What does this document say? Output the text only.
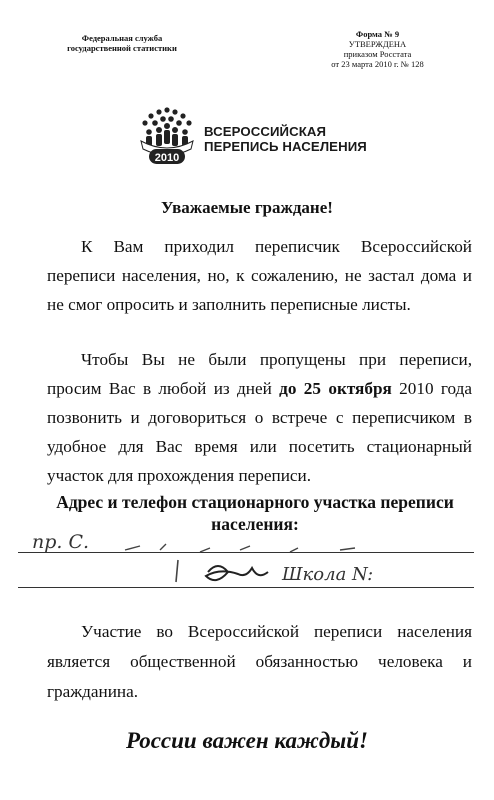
Федеральная служба
государственной статистики
Форма № 9
УТВЕРЖДЕНА
приказом Росстата
от 23 марта 2010 г. № 128
2010
ВСЕРОССИЙСКАЯ
ПЕРЕПИСЬ НАСЕЛЕНИЯ
Уважаемые граждане!
К Вам приходил переписчик Всероссийской переписи населения, но, к сожалению, не застал дома и не смог опросить и заполнить переписные листы.
Чтобы Вы не были пропущены при переписи, просим Вас в любой из дней до 25 октября 2010 года позвонить и договориться о встрече с переписчиком в удобное для Вас время или посетить стационарный участок для прохождения переписи.
Адрес и телефон стационарного участка переписи населения:
пр. С.
Школа N:
Участие во Всероссийской переписи населения является общественной обязанностью человека и гражданина.
России важен каждый!
